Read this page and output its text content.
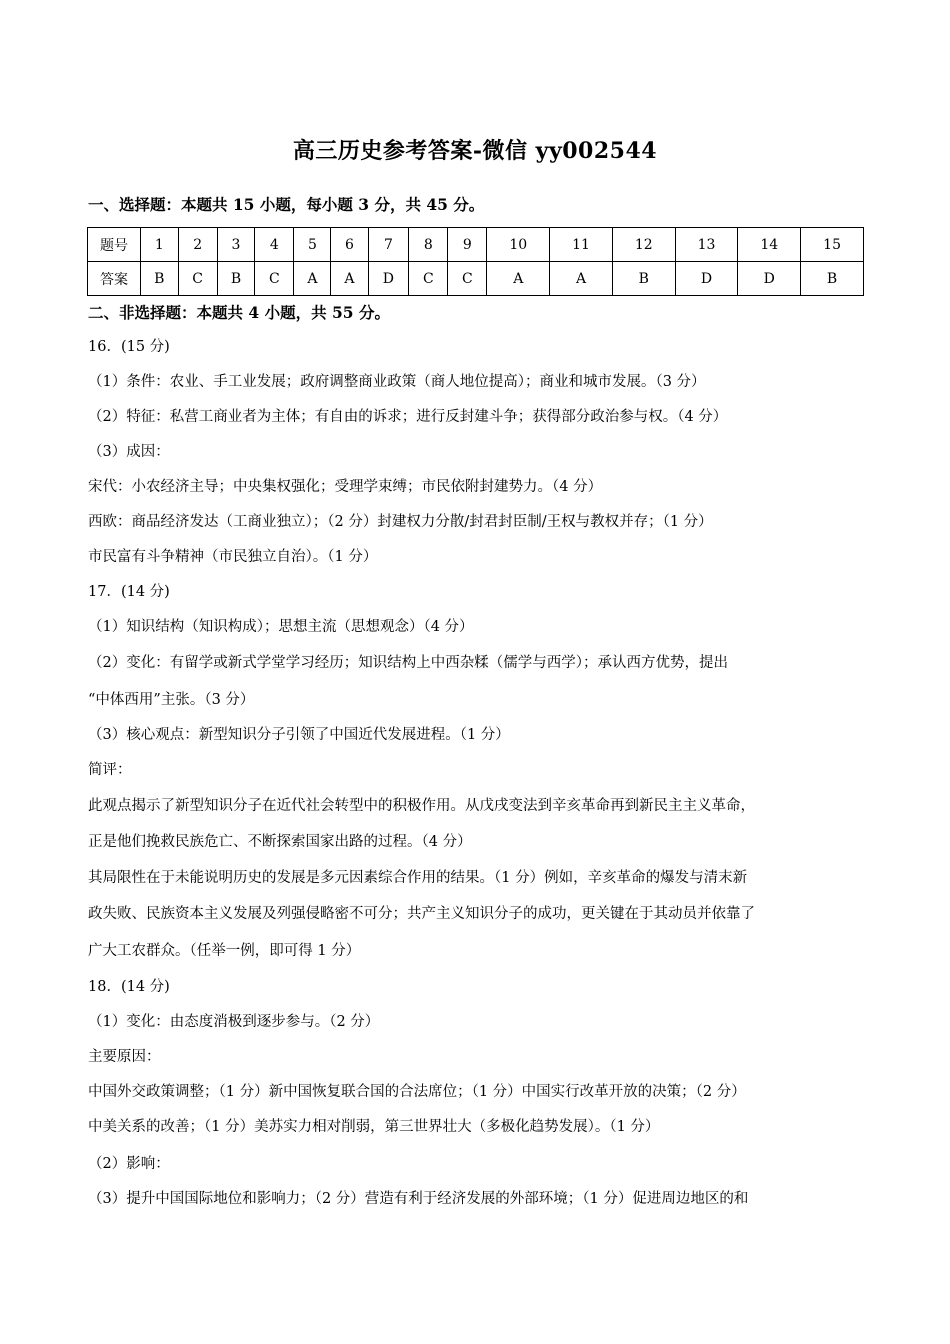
高三历史参考答案-微信 yy002544
一、选择题：本题共 15 小题，每小题 3 分，共 45 分。
题号	1	2	3	4	5	6	7	8	9	10	11	12	13	14	15
答案	B	C	B	C	A	A	D	C	C	A	A	B	D	D	B
二、非选择题：本题共 4 小题，共 55 分。
16．(15 分)
（1）条件：农业、手工业发展；政府调整商业政策（商人地位提高）；商业和城市发展。（3 分）
（2）特征：私营工商业者为主体；有自由的诉求；进行反封建斗争；获得部分政治参与权。（4 分）
（3）成因：
宋代：小农经济主导；中央集权强化；受理学束缚；市民依附封建势力。（4 分）
西欧：商品经济发达（工商业独立）；（2 分）封建权力分散/封君封臣制/王权与教权并存；（1 分）
市民富有斗争精神（市民独立自治）。（1 分）
17．(14 分)
（1）知识结构（知识构成）；思想主流（思想观念）（4 分）
（2）变化：有留学或新式学堂学习经历；知识结构上中西杂糅（儒学与西学）；承认西方优势，提出
“中体西用”主张。（3 分）
（3）核心观点：新型知识分子引领了中国近代发展进程。（1 分）
简评：
此观点揭示了新型知识分子在近代社会转型中的积极作用。从戊戌变法到辛亥革命再到新民主主义革命，
正是他们挽救民族危亡、不断探索国家出路的过程。（4 分）
其局限性在于未能说明历史的发展是多元因素综合作用的结果。（1 分）例如，辛亥革命的爆发与清末新
政失败、民族资本主义发展及列强侵略密不可分；共产主义知识分子的成功，更关键在于其动员并依靠了
广大工农群众。（任举一例，即可得 1 分）
18．(14 分)
（1）变化：由态度消极到逐步参与。（2 分）
主要原因：
中国外交政策调整；（1 分）新中国恢复联合国的合法席位；（1 分）中国实行改革开放的决策；（2 分）
中美关系的改善；（1 分）美苏实力相对削弱，第三世界壮大（多极化趋势发展）。（1 分）
（2）影响：
（3）提升中国国际地位和影响力；（2 分）营造有利于经济发展的外部环境；（1 分）促进周边地区的和
